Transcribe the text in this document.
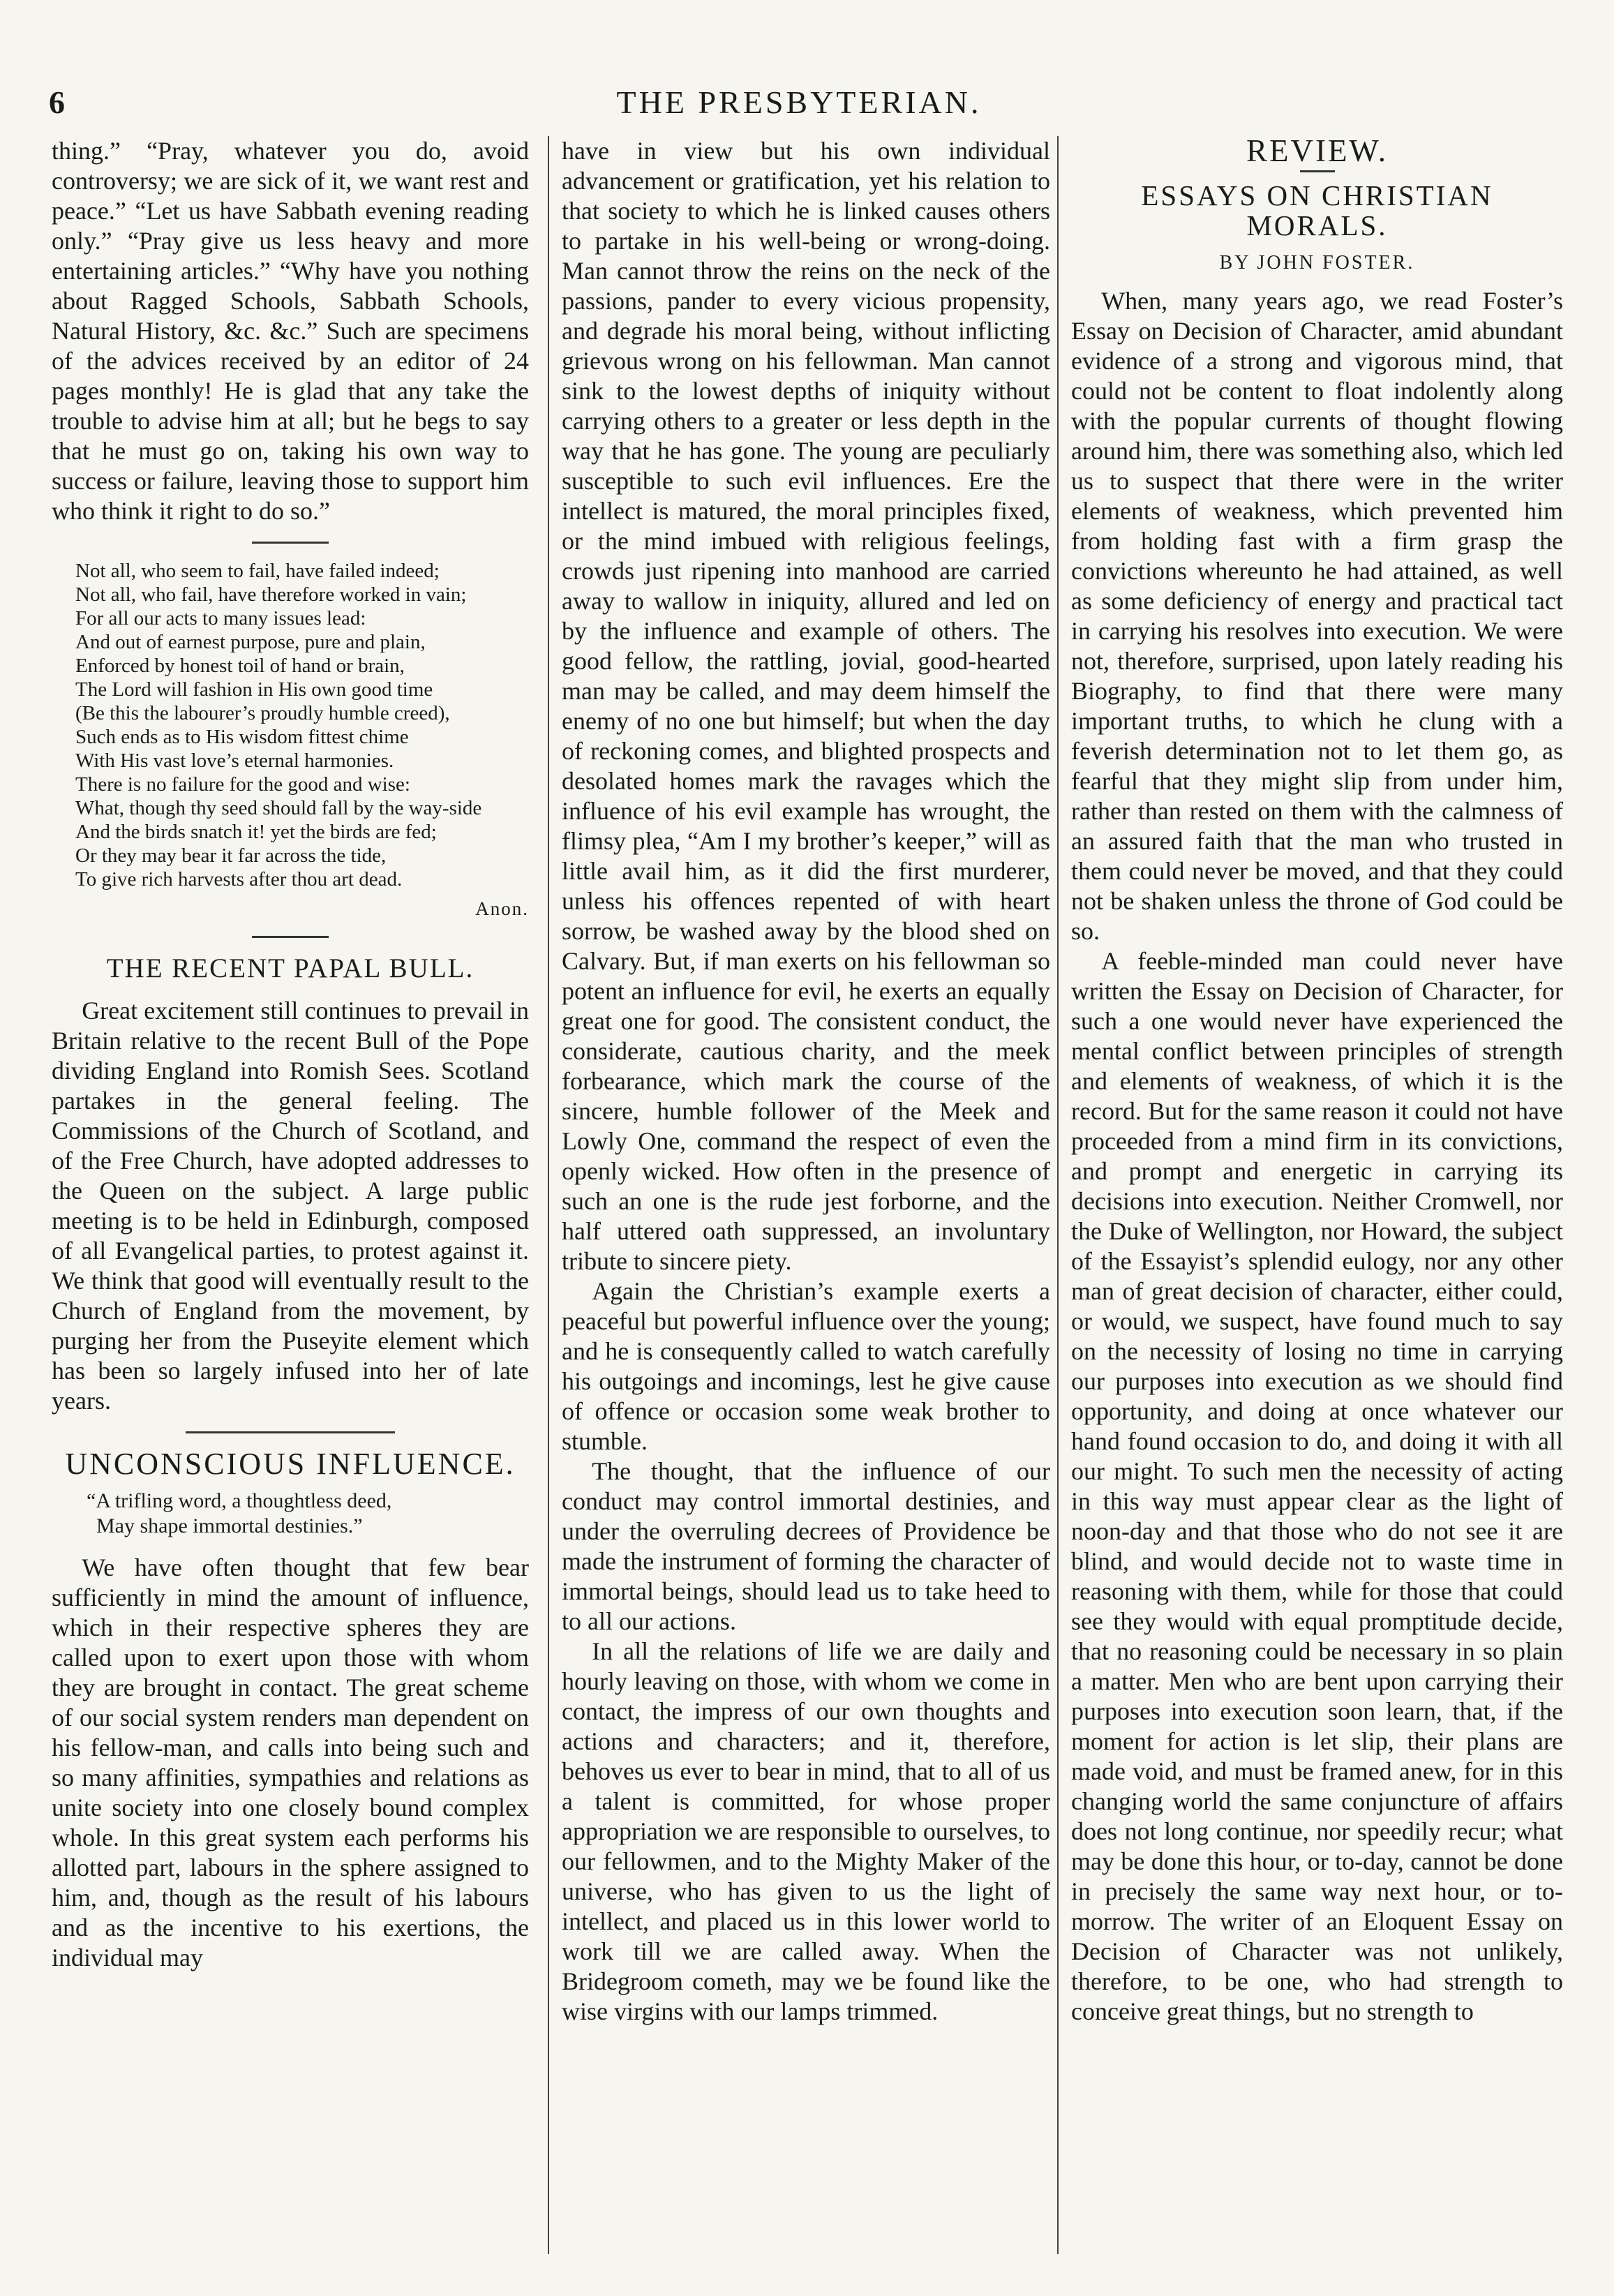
6	THE PRESBYTERIAN.

thing.” “Pray, whatever you do, avoid controversy; we are sick of it, we want rest and peace.” “Let us have Sabbath evening reading only.” “Pray give us less heavy and more entertaining articles.” “Why have you nothing about Ragged Schools, Sabbath Schools, Natural History, &c. &c.” Such are specimens of the advices received by an editor of 24 pages monthly! He is glad that any take the trouble to advise him at all; but he begs to say that he must go on, taking his own way to success or failure, leaving those to support him who think it right to do so.”

Not all, who seem to fail, have failed indeed;
Not all, who fail, have therefore worked in vain;
For all our acts to many issues lead:
And out of earnest purpose, pure and plain,
Enforced by honest toil of hand or brain,
The Lord will fashion in His own good time
(Be this the labourer’s proudly humble creed),
Such ends as to His wisdom fittest chime
With His vast love’s eternal harmonies.
There is no failure for the good and wise:
What, though thy seed should fall by the way-side
And the birds snatch it! yet the birds are fed;
Or they may bear it far across the tide,
To give rich harvests after thou art dead.
Anon.
THE RECENT PAPAL BULL.

Great excitement still continues to prevail in Britain relative to the recent Bull of the Pope dividing England into Romish Sees. Scotland partakes in the general feeling. The Commissions of the Church of Scotland, and of the Free Church, have adopted addresses to the Queen on the subject. A large public meeting is to be held in Edinburgh, composed of all Evangelical parties, to protest against it. We think that good will eventually result to the Church of England from the movement, by purging her from the Puseyite element which has been so largely infused into her of late years.

UNCONSCIOUS INFLUENCE.
“A trifling word, a thoughtless deed,
May shape immortal destinies.”

We have often thought that few bear sufficiently in mind the amount of influence, which in their respective spheres they are called upon to exert upon those with whom they are brought in contact. The great scheme of our social system renders man dependent on his fellow-man, and calls into being such and so many affinities, sympathies and relations as unite society into one closely bound complex whole. In this great system each performs his allotted part, labours in the sphere assigned to him, and, though as the result of his labours and as the incentive to his exertions, the individual may

have in view but his own individual advancement or gratification, yet his relation to that society to which he is linked causes others to partake in his well-being or wrong-doing. Man cannot throw the reins on the neck of the passions, pander to every vicious propensity, and degrade his moral being, without inflicting grievous wrong on his fellowman. Man cannot sink to the lowest depths of iniquity without carrying others to a greater or less depth in the way that he has gone. The young are peculiarly susceptible to such evil influences. Ere the intellect is matured, the moral principles fixed, or the mind imbued with religious feelings, crowds just ripening into manhood are carried away to wallow in iniquity, allured and led on by the influence and example of others. The good fellow, the rattling, jovial, good-hearted man may be called, and may deem himself the enemy of no one but himself; but when the day of reckoning comes, and blighted prospects and desolated homes mark the ravages which the influence of his evil example has wrought, the flimsy plea, “Am I my brother’s keeper,” will as little avail him, as it did the first murderer, unless his offences repented of with heart sorrow, be washed away by the blood shed on Calvary. But, if man exerts on his fellowman so potent an influence for evil, he exerts an equally great one for good. The consistent conduct, the considerate, cautious charity, and the meek forbearance, which mark the course of the sincere, humble follower of the Meek and Lowly One, command the respect of even the openly wicked. How often in the presence of such an one is the rude jest forborne, and the half uttered oath suppressed, an involuntary tribute to sincere piety.

Again the Christian’s example exerts a peaceful but powerful influence over the young; and he is consequently called to watch carefully his outgoings and incomings, lest he give cause of offence or occasion some weak brother to stumble.

The thought, that the influence of our conduct may control immortal destinies, and under the overruling decrees of Providence be made the instrument of forming the character of immortal beings, should lead us to take heed to to all our actions.

In all the relations of life we are daily and hourly leaving on those, with whom we come in contact, the impress of our own thoughts and actions and characters; and it, therefore, behoves us ever to bear in mind, that to all of us a talent is committed, for whose proper appropriation we are responsible to ourselves, to our fellowmen, and to the Mighty Maker of the universe, who has given to us the light of intellect, and placed us in this lower world to work till we are called away. When the Bridegroom cometh, may we be found like the wise virgins with our lamps trimmed.

REVIEW.
ESSAYS ON CHRISTIAN MORALS.
BY JOHN FOSTER.

When, many years ago, we read Foster’s Essay on Decision of Character, amid abundant evidence of a strong and vigorous mind, that could not be content to float indolently along with the popular currents of thought flowing around him, there was something also, which led us to suspect that there were in the writer elements of weakness, which prevented him from holding fast with a firm grasp the convictions whereunto he had attained, as well as some deficiency of energy and practical tact in carrying his resolves into execution. We were not, therefore, surprised, upon lately reading his Biography, to find that there were many important truths, to which he clung with a feverish determination not to let them go, as fearful that they might slip from under him, rather than rested on them with the calmness of an assured faith that the man who trusted in them could never be moved, and that they could not be shaken unless the throne of God could be so.

A feeble-minded man could never have written the Essay on Decision of Character, for such a one would never have experienced the mental conflict between principles of strength and elements of weakness, of which it is the record. But for the same reason it could not have proceeded from a mind firm in its convictions, and prompt and energetic in carrying its decisions into execution. Neither Cromwell, nor the Duke of Wellington, nor Howard, the subject of the Essayist’s splendid eulogy, nor any other man of great decision of character, either could, or would, we suspect, have found much to say on the necessity of losing no time in carrying our purposes into execution as we should find opportunity, and doing at once whatever our hand found occasion to do, and doing it with all our might. To such men the necessity of acting in this way must appear clear as the light of noon-day and that those who do not see it are blind, and would decide not to waste time in reasoning with them, while for those that could see they would with equal promptitude decide, that no reasoning could be necessary in so plain a matter. Men who are bent upon carrying their purposes into execution soon learn, that, if the moment for action is let slip, their plans are made void, and must be framed anew, for in this changing world the same conjuncture of affairs does not long continue, nor speedily recur; what may be done this hour, or to-day, cannot be done in precisely the same way next hour, or to-morrow. The writer of an Eloquent Essay on Decision of Character was not unlikely, therefore, to be one, who had strength to conceive great things, but no strength to
